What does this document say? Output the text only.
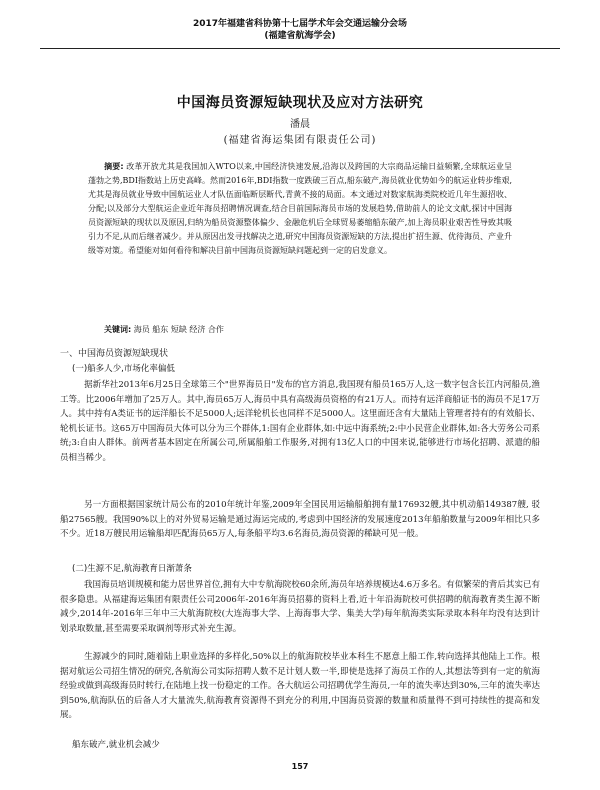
2017年福建省科协第十七届学术年会交通运输分会场
(福建省航海学会)
中国海员资源短缺现状及应对方法研究
潘晨
(福建省海运集团有限责任公司)
摘要: 改革开放尤其是我国加入WTO以来,中国经济快速发展,沿海以及跨国的大宗商品运输日益频繁,全球航运业呈蓬勃之势,BDI指数站上历史高峰。然而2016年,BDI指数一度跌破三百点,船东破产,海员就业优势如今的航运业转步维艰,尤其是海员就业导致中国航运业人才队伍面临断层断代,青黄不接的局面。本文通过对数家航海类院校近几年生源招收、分配;以及部分大型航运企业近年海员招聘情况调查,结合目前国际海员市场的发展趋势,借助前人的论文文献,探讨中国海员资源短缺的现状以及原因,归纳为船员资源整体偏少、金融危机后全球贸易萎缩船东破产,加上海员职业艰苦性导致其吸引力不足,从而后继者减少。并从原因出发寻找解决之道,研究中国海员资源短缺的方法,提出扩招生源、优待海员、产业升级等对策。希望能对如何看待和解决目前中国海员资源短缺问题起到一定的启发意义。
关键词: 海员 船东 短缺 经济 合作
一、中国海员资源短缺现状
(一)船多人少,市场化率偏低
据新华社2013年6月25日全球第三个"世界海员日"发布的官方消息,我国现有船员165万人,这一数字包含长江内河船员,渔工等。比2006年增加了25万人。其中,海员65万人,海员中具有高级海员资格的有21万人。而持有远洋商船证书的海员不足17万人。其中持有A类证书的远洋船长不足5000人;远洋轮机长也同样不足5000人。这里面还含有大量陆上管理者持有的有效船长、轮机长证书。这65万中国海员大体可以分为三个群体,1:国有企业群体,如:中远中海系统;2:中小民营企业群体,如:各大劳务公司系统;3:自由人群体。前两者基本固定在所属公司,所属船舶工作服务,对拥有13亿人口的中国来说,能够进行市场化招聘、派遣的船员相当稀少。
另一方面根据国家统计局公布的2010年统计年鉴,2009年全国民用运输船舶拥有量176932艘,其中机动船149387艘, 驳船27565艘。我国90%以上的对外贸易运输是通过海运完成的,考虑到中国经济的发展速度2013年船舶数量与2009年相比只多不少。近18万艘民用运输船却匹配海员65万人,每条船平均3.6名海员,海员资源的稀缺可见一般。
(二)生源不足,航海教育日渐萧条
我国海员培训规模和能力居世界首位,拥有大中专航海院校60余所,海员年培养规模达4.6万多名。有似繁荣的背后其实已有很多隐患。从福建海运集团有限责任公司2006年-2016年海员招募的资料上看,近十年沿海院校可供招聘的航海教育类生源不断减少,2014年-2016年三年中三大航海院校(大连海事大学、上海海事大学、集美大学)每年航海类实际录取本科年均没有达到计划录取数量,甚至需要采取调剂等形式补充生源。
生源减少的同时,随着陆上职业选择的多样化,50%以上的航海院校毕业本科生不愿意上船工作,转向选择其他陆上工作。根据对航运公司招生情况的研究,各航海公司实际招聘人数不足计划人数一半,即使是选择了海员工作的人,其想法等到有一定的航海经验或做到高级海员时转行,在陆地上找一份稳定的工作。各大航运公司招聘优学生海员,一年的流失率达到30%,三年的流失率达到50%,航海队伍的后备人才大量流失,航海教育资源得不到充分的利用,中国海员资源的数量和质量得不到可持续性的提高和发展。
船东破产,就业机会减少
157
